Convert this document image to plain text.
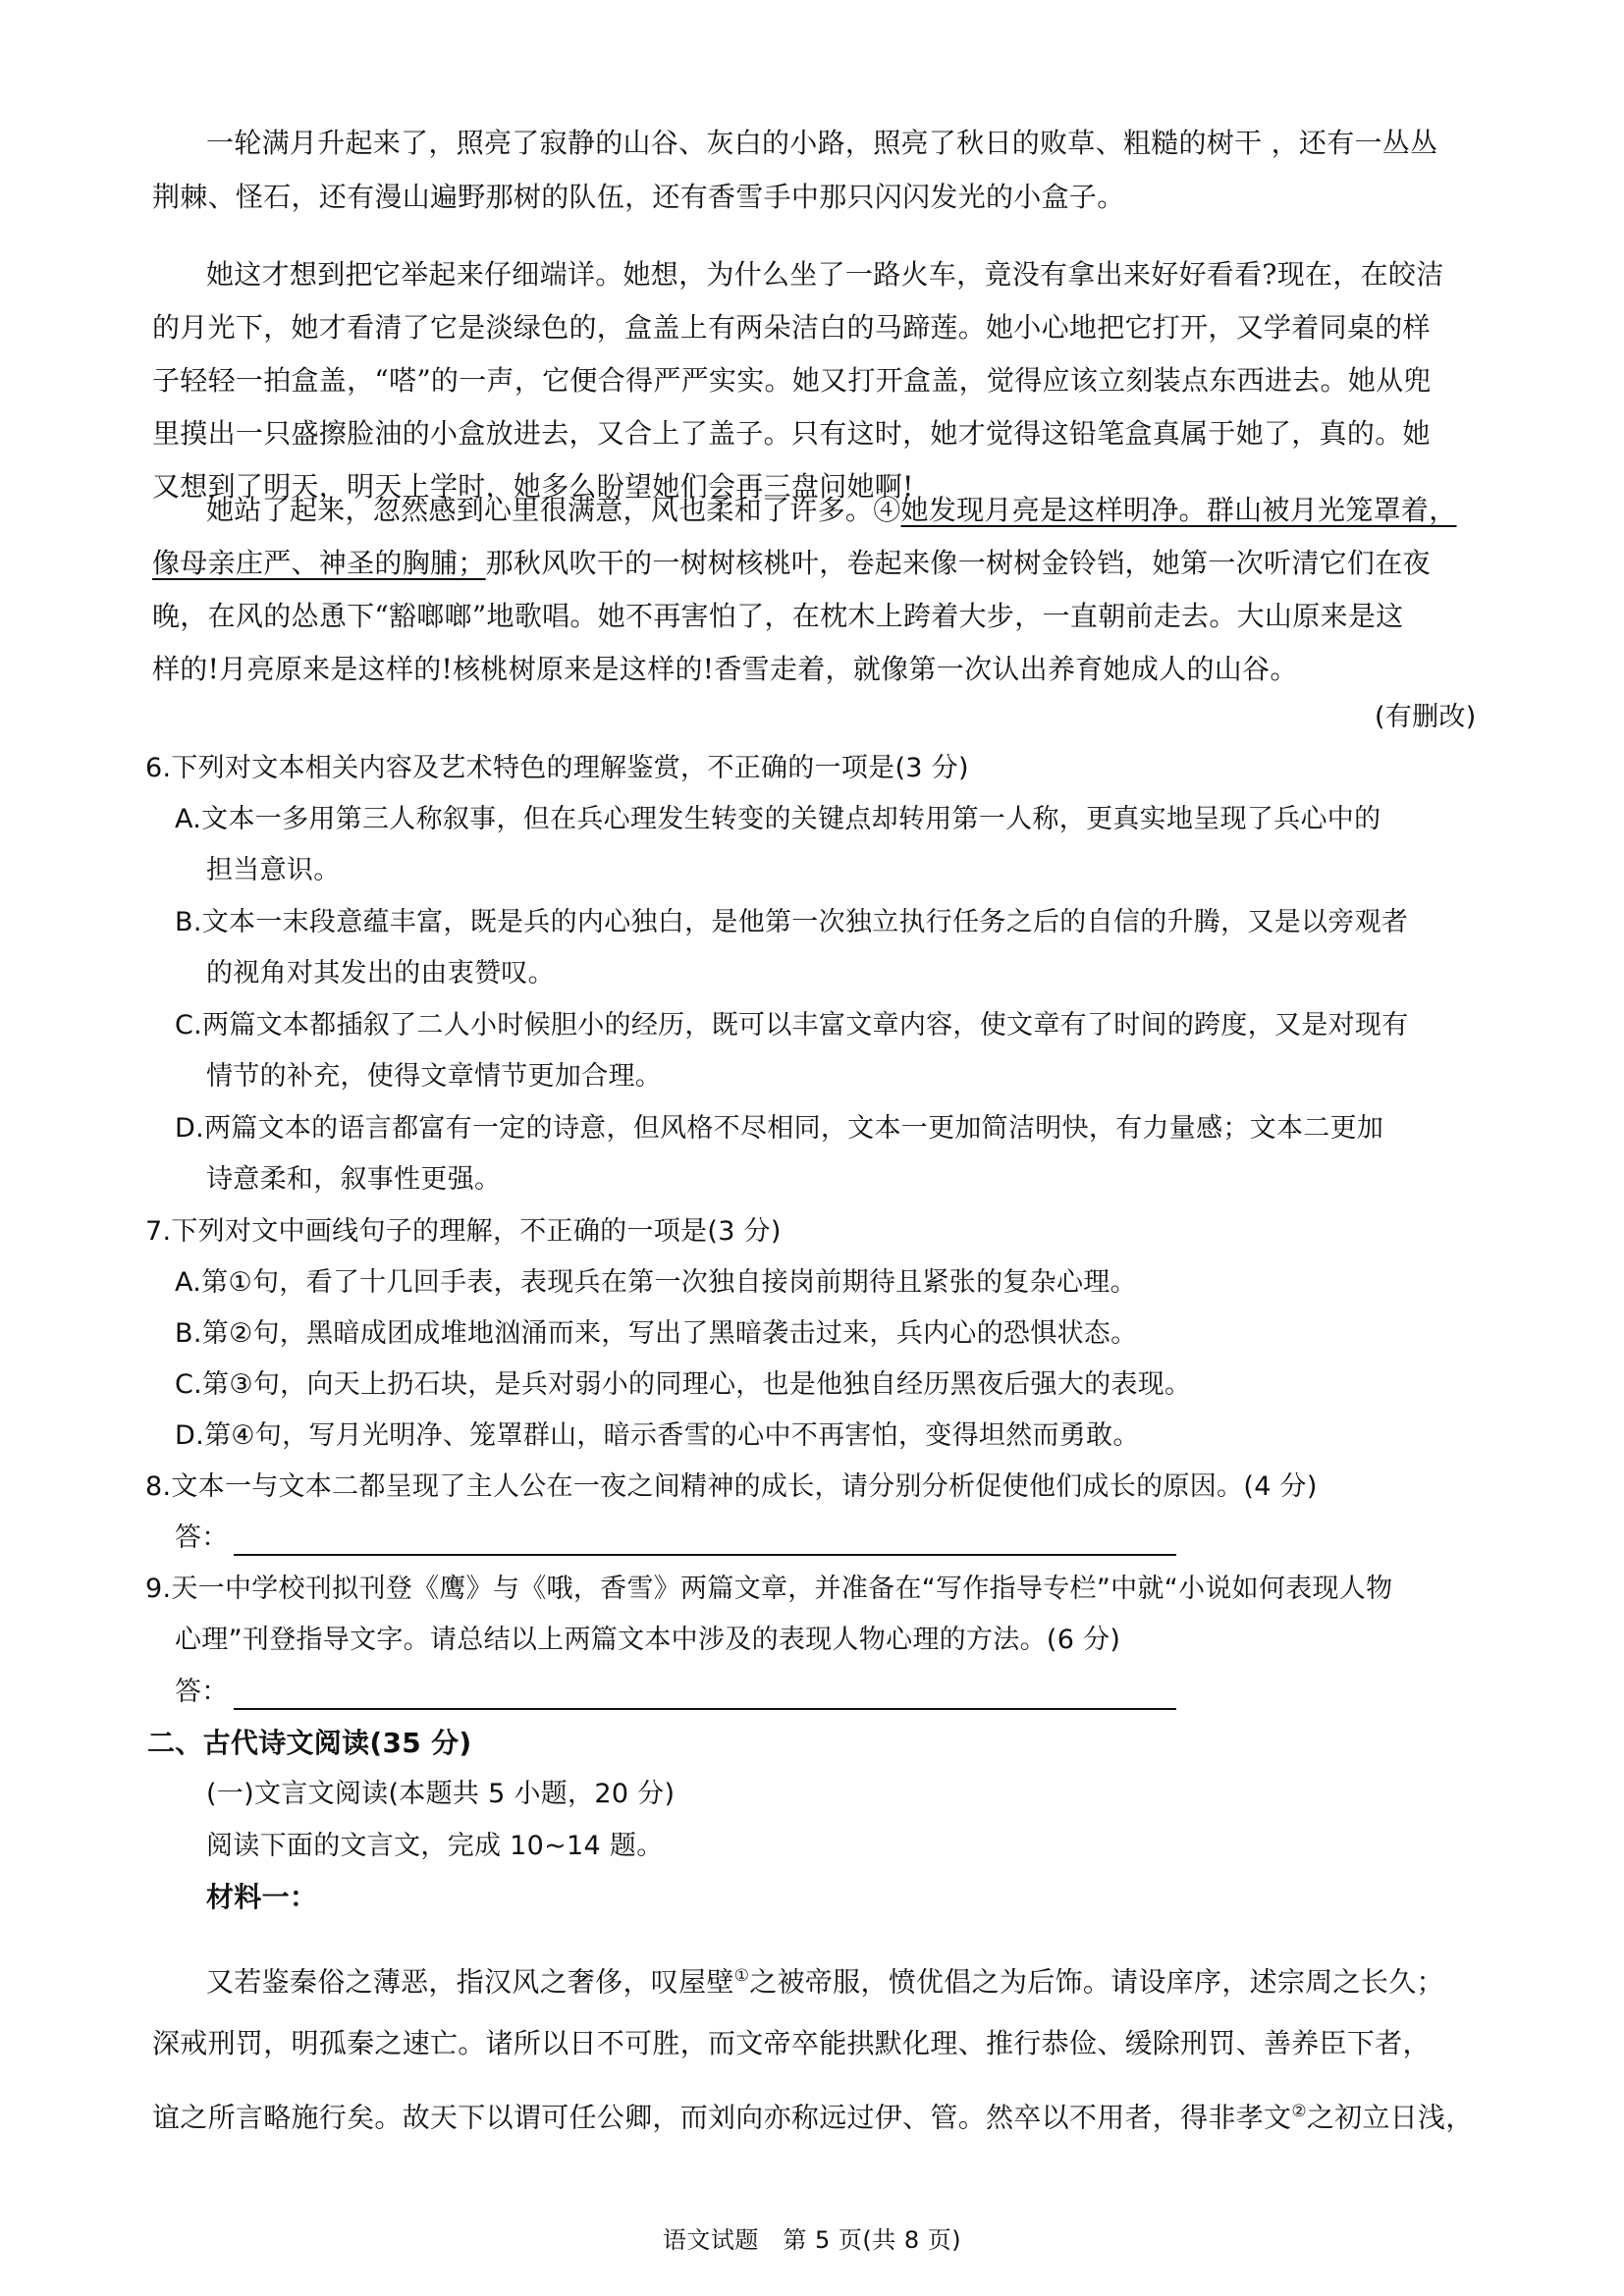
一轮满月升起来了，照亮了寂静的山谷、灰白的小路，照亮了秋日的败草、粗糙的树干 ，还有一丛丛
荆棘、怪石，还有漫山遍野那树的队伍，还有香雪手中那只闪闪发光的小盒子。
她这才想到把它举起来仔细端详。她想，为什么坐了一路火车，竟没有拿出来好好看看?现在，在皎洁
的月光下，她才看清了它是淡绿色的，盒盖上有两朵洁白的马蹄莲。她小心地把它打开，又学着同桌的样
子轻轻一拍盒盖，“嗒”的一声，它便合得严严实实。她又打开盒盖，觉得应该立刻装点东西进去。她从兜
里摸出一只盛擦脸油的小盒放进去，又合上了盖子。只有这时，她才觉得这铅笔盒真属于她了，真的。她
又想到了明天，明天上学时，她多么盼望她们会再三盘问她啊!
她站了起来，忽然感到心里很满意，风也柔和了许多。④她发现月亮是这样明净。群山被月光笼罩着，
像母亲庄严、神圣的胸脯；那秋风吹干的一树树核桃叶，卷起来像一树树金铃铛，她第一次听清它们在夜
晚，在风的怂恿下“豁啷啷”地歌唱。她不再害怕了，在枕木上跨着大步，一直朝前走去。大山原来是这
样的!月亮原来是这样的!核桃树原来是这样的!香雪走着，就像第一次认出养育她成人的山谷。
(有删改)
6.下列对文本相关内容及艺术特色的理解鉴赏，不正确的一项是(3 分)
A.文本一多用第三人称叙事，但在兵心理发生转变的关键点却转用第一人称，更真实地呈现了兵心中的
担当意识。
B.文本一末段意蕴丰富，既是兵的内心独白，是他第一次独立执行任务之后的自信的升腾，又是以旁观者
的视角对其发出的由衷赞叹。
C.两篇文本都插叙了二人小时候胆小的经历，既可以丰富文章内容，使文章有了时间的跨度，又是对现有
情节的补充，使得文章情节更加合理。
D.两篇文本的语言都富有一定的诗意，但风格不尽相同，文本一更加简洁明快，有力量感；文本二更加
诗意柔和，叙事性更强。
7.下列对文中画线句子的理解，不正确的一项是(3 分)
A.第①句，看了十几回手表，表现兵在第一次独自接岗前期待且紧张的复杂心理。
B.第②句，黑暗成团成堆地汹涌而来，写出了黑暗袭击过来，兵内心的恐惧状态。
C.第③句，向天上扔石块，是兵对弱小的同理心，也是他独自经历黑夜后强大的表现。
D.第④句，写月光明净、笼罩群山，暗示香雪的心中不再害怕，变得坦然而勇敢。
8.文本一与文本二都呈现了主人公在一夜之间精神的成长，请分别分析促使他们成长的原因。(4 分)
答：
9.天一中学校刊拟刊登《鹰》与《哦，香雪》两篇文章，并准备在“写作指导专栏”中就“小说如何表现人物
心理”刊登指导文字。请总结以上两篇文本中涉及的表现人物心理的方法。(6 分)
答：
二、古代诗文阅读(35 分)
(一)文言文阅读(本题共 5 小题，20 分)
阅读下面的文言文，完成 10~14 题。
材料一：
又若鉴秦俗之薄恶，指汉风之奢侈，叹屋壁①之被帝服，愤优倡之为后饰。请设庠序，述宗周之长久；
深戒刑罚，明孤秦之速亡。诸所以日不可胜，而文帝卒能拱默化理、推行恭俭、缓除刑罚、善养臣下者，
谊之所言略施行矣。故天下以谓可任公卿，而刘向亦称远过伊、管。然卒以不用者，得非孝文②之初立日浅，
语文试题　第 5 页(共 8 页)
